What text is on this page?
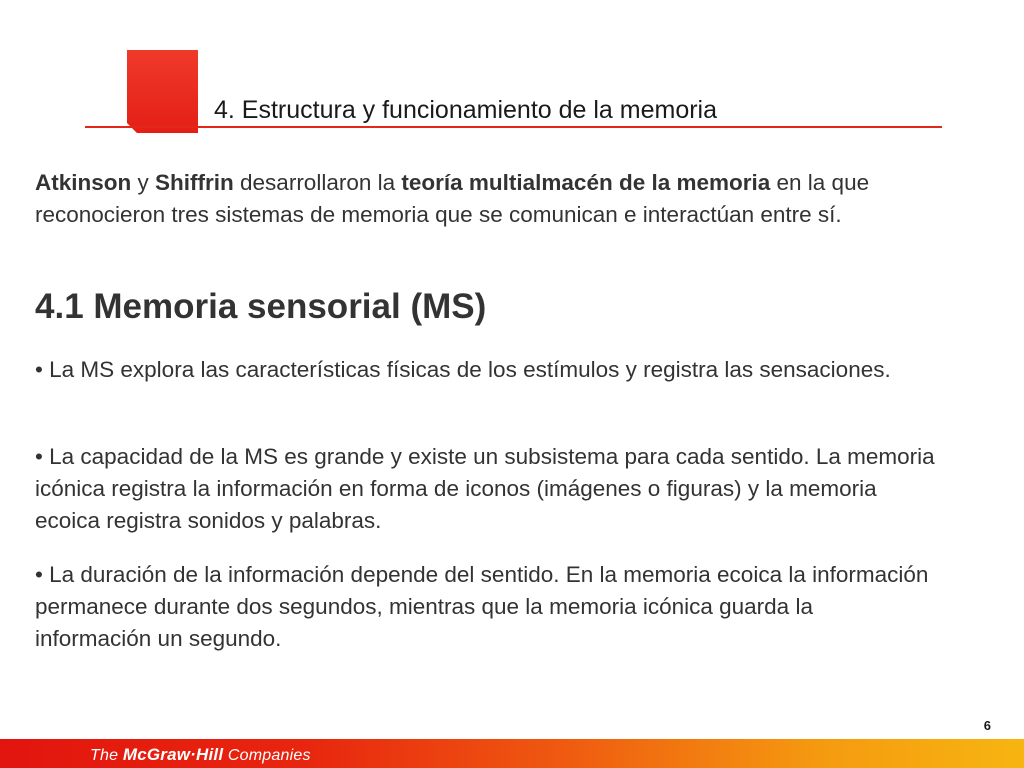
4. Estructura y funcionamiento de la memoria
Atkinson y Shiffrin desarrollaron la teoría multialmacén de la memoria en la que reconocieron tres sistemas de memoria que se comunican e interactúan entre sí.
4.1 Memoria sensorial (MS)
• La MS explora las características físicas de los estímulos y registra las sensaciones.
• La capacidad de la MS es grande y existe un subsistema para cada sentido. La memoria icónica registra la información en forma de iconos (imágenes o figuras) y la memoria ecoica registra sonidos y palabras.
• La duración de la información depende del sentido. En la memoria ecoica la información permanece durante dos segundos, mientras que la memoria icónica guarda la información un segundo.
6
The McGraw·Hill Companies
